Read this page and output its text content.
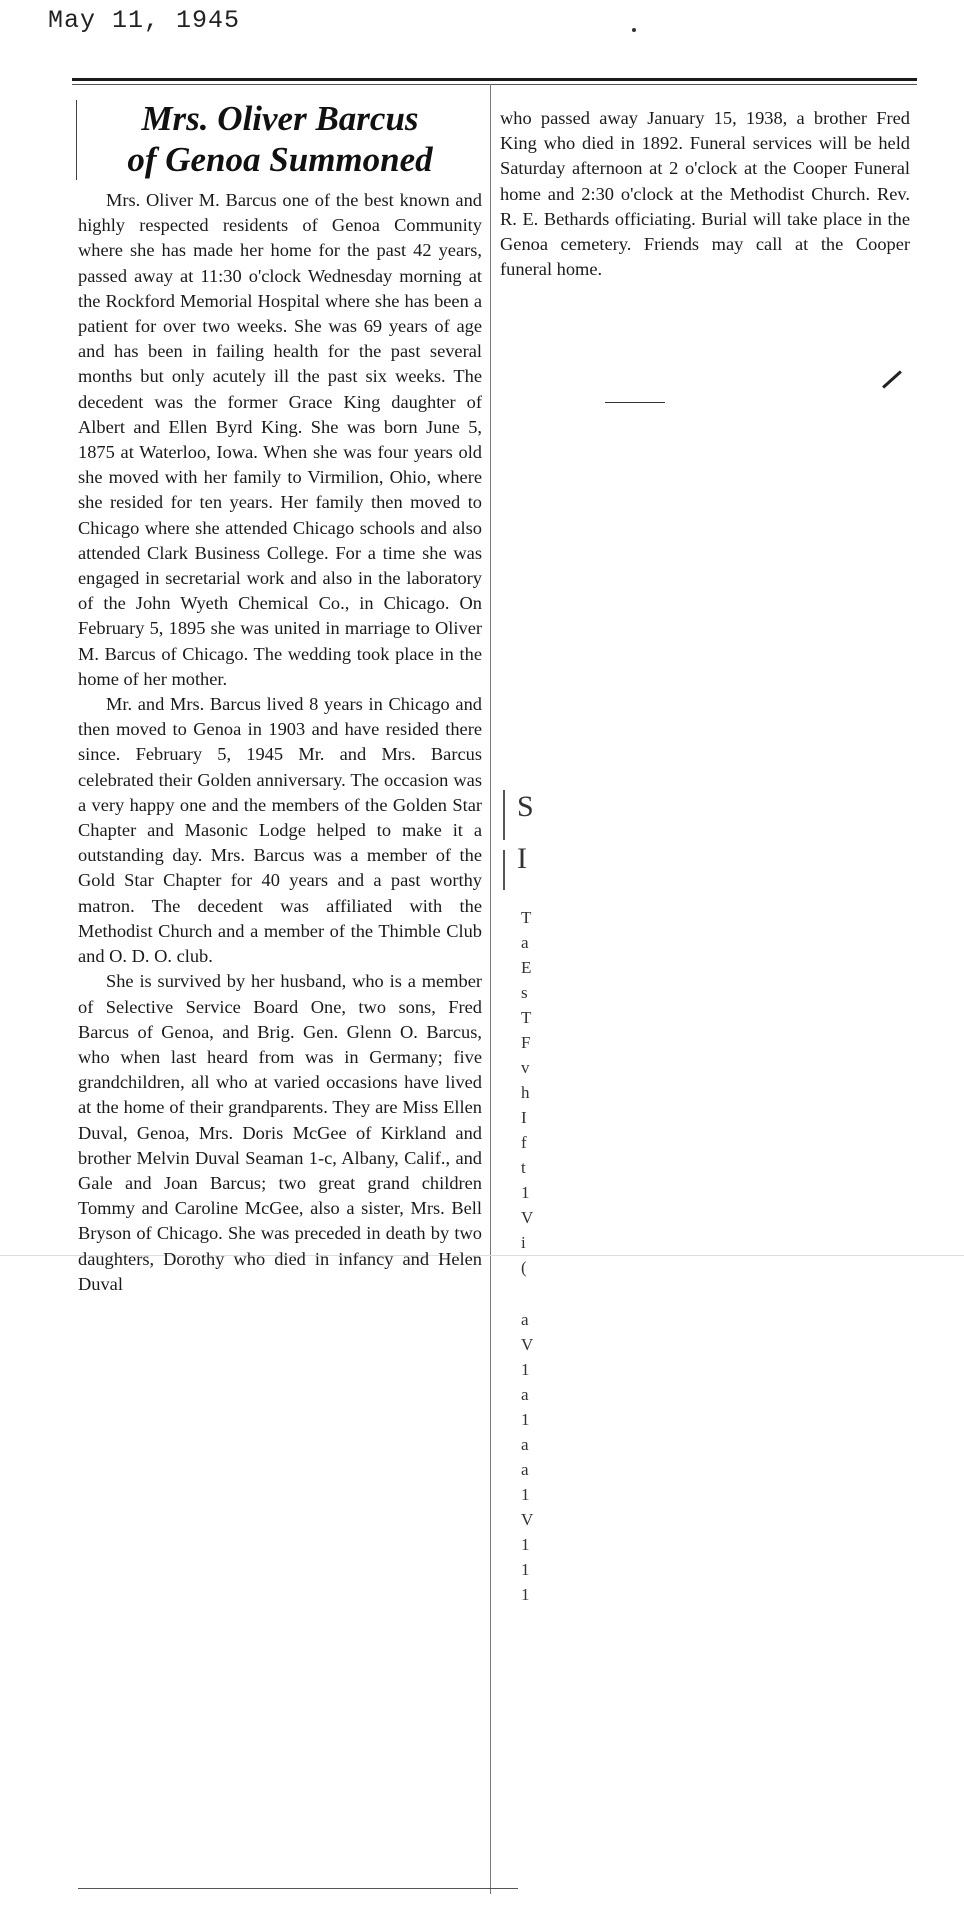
May 11, 1945
Mrs. Oliver Barcus
of Genoa Summoned

Mrs. Oliver M. Barcus one of the best known and highly respected residents of Genoa Community where she has made her home for the past 42 years, passed away at 11:30 o'clock Wednesday morning at the Rockford Memorial Hospital where she has been a patient for over two weeks. She was 69 years of age and has been in failing health for the past several months but only acutely ill the past six weeks. The decedent was the former Grace King daughter of Albert and Ellen Byrd King. She was born June 5, 1875 at Waterloo, Iowa. When she was four years old she moved with her family to Virmilion, Ohio, where she resided for ten years. Her family then moved to Chicago where she attended Chicago schools and also attended Clark Business College. For a time she was engaged in secretarial work and also in the laboratory of the John Wyeth Chemical Co., in Chicago. On February 5, 1895 she was united in marriage to Oliver M. Barcus of Chicago. The wedding took place in the home of her mother.

Mr. and Mrs. Barcus lived 8 years in Chicago and then moved to Genoa in 1903 and have resided there since. February 5, 1945 Mr. and Mrs. Barcus celebrated their Golden anniversary. The occasion was a very happy one and the members of the Golden Star Chapter and Masonic Lodge helped to make it a outstanding day. Mrs. Barcus was a member of the Gold Star Chapter for 40 years and a past worthy matron. The decedent was affiliated with the Methodist Church and a member of the Thimble Club and O. D. O. club.

She is survived by her husband, who is a member of Selective Service Board One, two sons, Fred Barcus of Genoa, and Brig. Gen. Glenn O. Barcus, who when last heard from was in Germany; five grandchildren, all who at varied occasions have lived at the home of their grandparents. They are Miss Ellen Duval, Genoa, Mrs. Doris McGee of Kirkland and brother Melvin Duval Seaman 1-c, Albany, Calif., and Gale and Joan Barcus; two great grand children Tommy and Caroline McGee, also a sister, Mrs. Bell Bryson of Chicago. She was preceded in death by two daughters, Dorothy who died in infancy and Helen Duval

who passed away January 15, 1938, a brother Fred King who died in 1892. Funeral services will be held Saturday afternoon at 2 o'clock at the Cooper Funeral home and 2:30 o'clock at the Methodist Church. Rev. R. E. Bethards officiating. Burial will take place in the Genoa cemetery. Friends may call at the Cooper funeral home.

S
I
T
a
E
s
T
F
v
h
I
f
t
1
V
i
(
a
V
1
a
1
a
a
1
V
1
1
1
